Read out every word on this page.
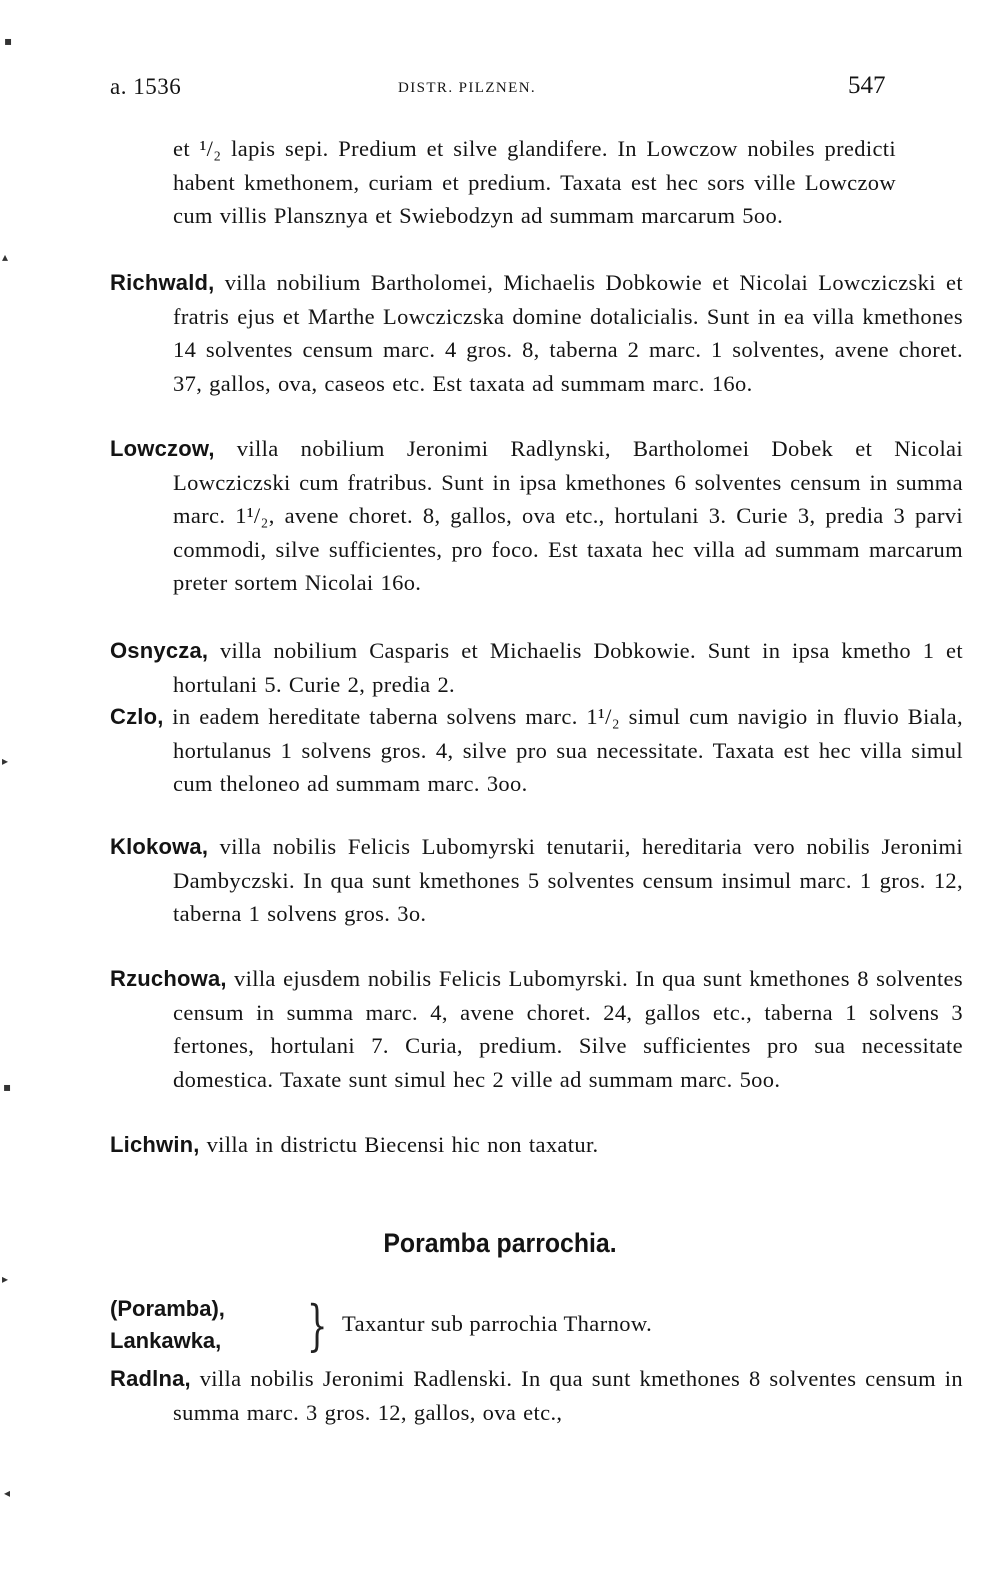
a. 1536	DISTR. PILZNEN.	547
et ¹/₂ lapis sepi. Predium et silve glandifere. In Lowczow nobiles predicti habent kmethonem, curiam et predium. Taxata est hec sors ville Lowczow cum villis Plansznya et Swiebodzyn ad summam marcarum 5oo.
Richwald, villa nobilium Bartholomei, Michaelis Dobkowie et Nicolai Lowcziczski et fratris ejus et Marthe Lowcziczska domine dotalicialis. Sunt in ea villa kmethones 14 solventes censum marc. 4 gros. 8, taberna 2 marc. 1 solventes, avene choret. 37, gallos, ova, caseos etc. Est taxata ad summam marc. 16o.
Lowczow, villa nobilium Jeronimi Radlynski, Bartholomei Dobek et Nicolai Lowcziczski cum fratribus. Sunt in ipsa kmethones 6 solventes censum in summa marc. 1¹/₂, avene choret. 8, gallos, ova etc., hortulani 3. Curie 3, predia 3 parvi commodi, silve sufficientes, pro foco. Est taxata hec villa ad summam marcarum preter sortem Nicolai 16o.
Osnycza, villa nobilium Casparis et Michaelis Dobkowie. Sunt in ipsa kmetho 1 et hortulani 5. Curie 2, predia 2.
Czlo, in eadem hereditate taberna solvens marc. 1¹/₂ simul cum navigio in fluvio Biala, hortulanus 1 solvens gros. 4, silve pro sua necessitate. Taxata est hec villa simul cum theloneo ad summam marc. 3oo.
Klokowa, villa nobilis Felicis Lubomyrski tenutarii, hereditaria vero nobilis Jeronimi Dambyczski. In qua sunt kmethones 5 solventes censum insimul marc. 1 gros. 12, taberna 1 solvens gros. 3o.
Rzuchowa, villa ejusdem nobilis Felicis Lubomyrski. In qua sunt kmethones 8 solventes censum in summa marc. 4, avene choret. 24, gallos etc., taberna 1 solvens 3 fertones, hortulani 7. Curia, predium. Silve sufficientes pro sua necessitate domestica. Taxate sunt simul hec 2 ville ad summam marc. 5oo.
Lichwin, villa in districtu Biecensi hic non taxatur.
Poramba parrochia.
(Poramba),
Lankawka, } Taxantur sub parrochia Tharnow.
Radlna, villa nobilis Jeronimi Radlenski. In qua sunt kmethones 8 solventes censum in summa marc. 3 gros. 12, gallos, ova etc.,
▪
▴
▸
▪
▸
◂
